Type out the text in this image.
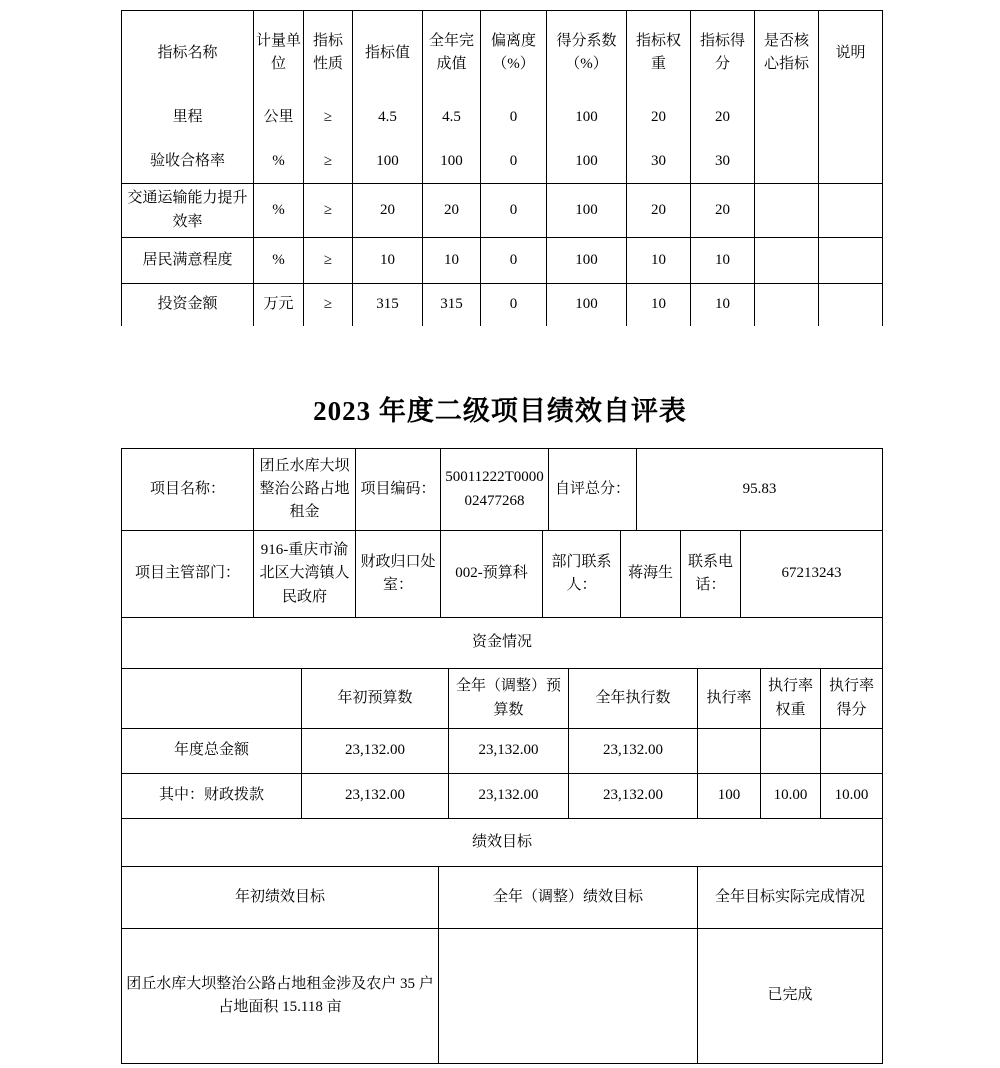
指标名称	计量单位	指标性质	指标值	全年完成值	偏离度（%）	得分系数（%）	指标权重	指标得分	是否核心指标	说明
里程	公里	≥	4.5	4.5	0	100	20	20		
验收合格率	%	≥	100	100	0	100	30	30		
交通运输能力提升效率	%	≥	20	20	0	100	20	20		
居民满意程度	%	≥	10	10	0	100	10	10		
投资金额	万元	≥	315	315	0	100	10	10		
2023 年度二级项目绩效自评表
项目名称：	团丘水库大坝整治公路占地租金	项目编码：	50011222T000002477268	自评总分：	95.83
项目主管部门：	916-重庆市渝北区大湾镇人民政府	财政归口处室：	002-预算科	部门联系人：	蒋海生	联系电话：	67213243
资金情况
	年初预算数	全年（调整）预算数	全年执行数	执行率	执行率权重	执行率得分
年度总金额	23,132.00	23,132.00	23,132.00			
其中：财政拨款	23,132.00	23,132.00	23,132.00	100	10.00	10.00
绩效目标
年初绩效目标	全年（调整）绩效目标	全年目标实际完成情况
团丘水库大坝整治公路占地租金涉及农户 35 户占地面积 15.118 亩		已完成
